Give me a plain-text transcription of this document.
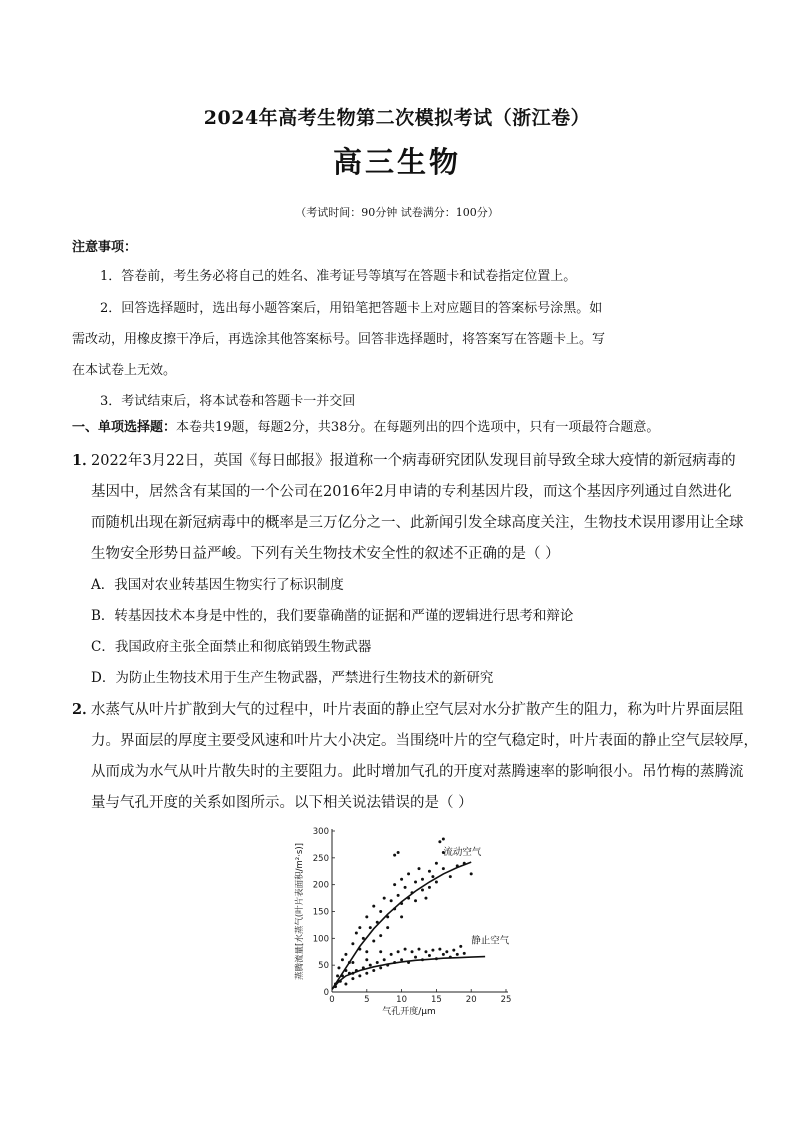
2024年高考生物第二次模拟考试（浙江卷）
高三生物
（考试时间：90分钟 试卷满分：100分）
注意事项：
1．答卷前，考生务必将自己的姓名、准考证号等填写在答题卡和试卷指定位置上。
2．回答选择题时，选出每小题答案后，用铅笔把答题卡上对应题目的答案标号涂黑。如
需改动，用橡皮擦干净后，再选涂其他答案标号。回答非选择题时，将答案写在答题卡上。写
在本试卷上无效。
3．考试结束后，将本试卷和答题卡一并交回
一、单项选择题：本卷共19题，每题2分，共38分。在每题列出的四个选项中，只有一项最符合题意。
1．
2022年3月22日，英国《每日邮报》报道称一个病毒研究团队发现目前导致全球大疫情的新冠病毒的
基因中，居然含有某国的一个公司在2016年2月申请的专利基因片段，而这个基因序列通过自然进化
而随机出现在新冠病毒中的概率是三万亿分之一、此新闻引发全球高度关注，生物技术误用谬用让全球
生物安全形势日益严峻。下列有关生物技术安全性的叙述不正确的是（ ）
A．我国对农业转基因生物实行了标识制度
B．转基因技术本身是中性的，我们要靠确凿的证据和严谨的逻辑进行思考和辩论
C．我国政府主张全面禁止和彻底销毁生物武器
D．为防止生物技术用于生产生物武器，严禁进行生物技术的新研究
2．
水蒸气从叶片扩散到大气的过程中，叶片表面的静止空气层对水分扩散产生的阻力，称为叶片界面层阻
力。界面层的厚度主要受风速和叶片大小决定。当围绕叶片的空气稳定时，叶片表面的静止空气层较厚，
从而成为水气从叶片散失时的主要阻力。此时增加气孔的开度对蒸腾速率的影响很小。吊竹梅的蒸腾流
量与气孔开度的关系如图所示。以下相关说法错误的是（ ）
0	5	10	15	20	25
0
50
100
150
200
250
300
流动空气
静止空气
气孔开度/μm
蒸腾流量[水蒸气(叶片表面积/m²·s)]
